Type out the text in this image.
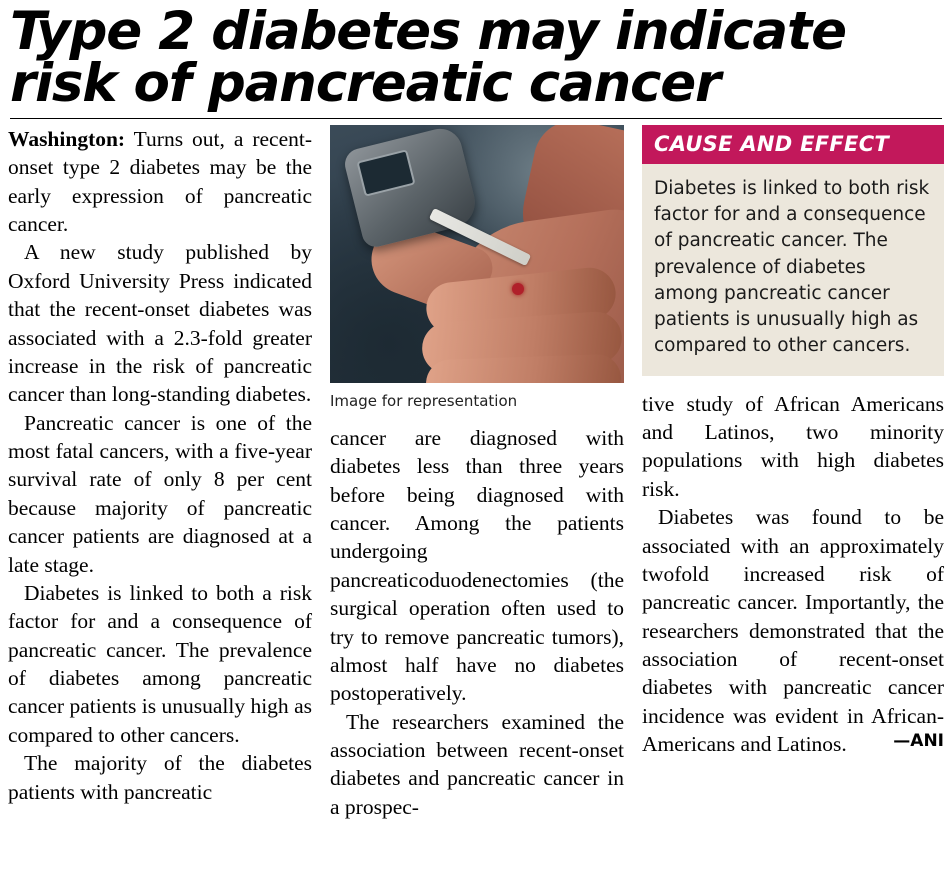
Type 2 diabetes may indicate
risk of pancreatic cancer

Washington: Turns out, a recent-onset type 2 diabetes may be the early expression of pancreatic cancer.

A new study published by Oxford University Press indicated that the recent-onset diabetes was associated with a 2.3-fold greater increase in the risk of pancreatic cancer than long-standing diabetes.

Pancreatic cancer is one of the most fatal cancers, with a five-year survival rate of only 8 per cent because majority of pancreatic cancer patients are diagnosed at a late stage.

Diabetes is linked to both a risk factor for and a consequence of pancreatic cancer. The prevalence of diabetes among pancreatic cancer patients is unusually high as compared to other cancers.

The majority of the diabetes patients with pancreatic

Image for representation

cancer are diagnosed with diabetes less than three years before being diagnosed with cancer. Among the patients undergoing pancreaticoduodenectomies (the surgical operation often used to try to remove pancreatic tumors), almost half have no diabetes postoperatively.

The researchers examined the association between recent-onset diabetes and pancreatic cancer in a prospec-

CAUSE AND EFFECT
Diabetes is linked to both risk factor for and a consequence of pancreatic cancer. The prevalence of diabetes among pancreatic cancer patients is unusually high as compared to other cancers.

tive study of African Americans and Latinos, two minority populations with high diabetes risk.

Diabetes was found to be associated with an approximately twofold increased risk of pancreatic cancer. Importantly, the researchers demonstrated that the association of recent-onset diabetes with pancreatic cancer incidence was evident in African- Americans and Latinos.	—ANI
